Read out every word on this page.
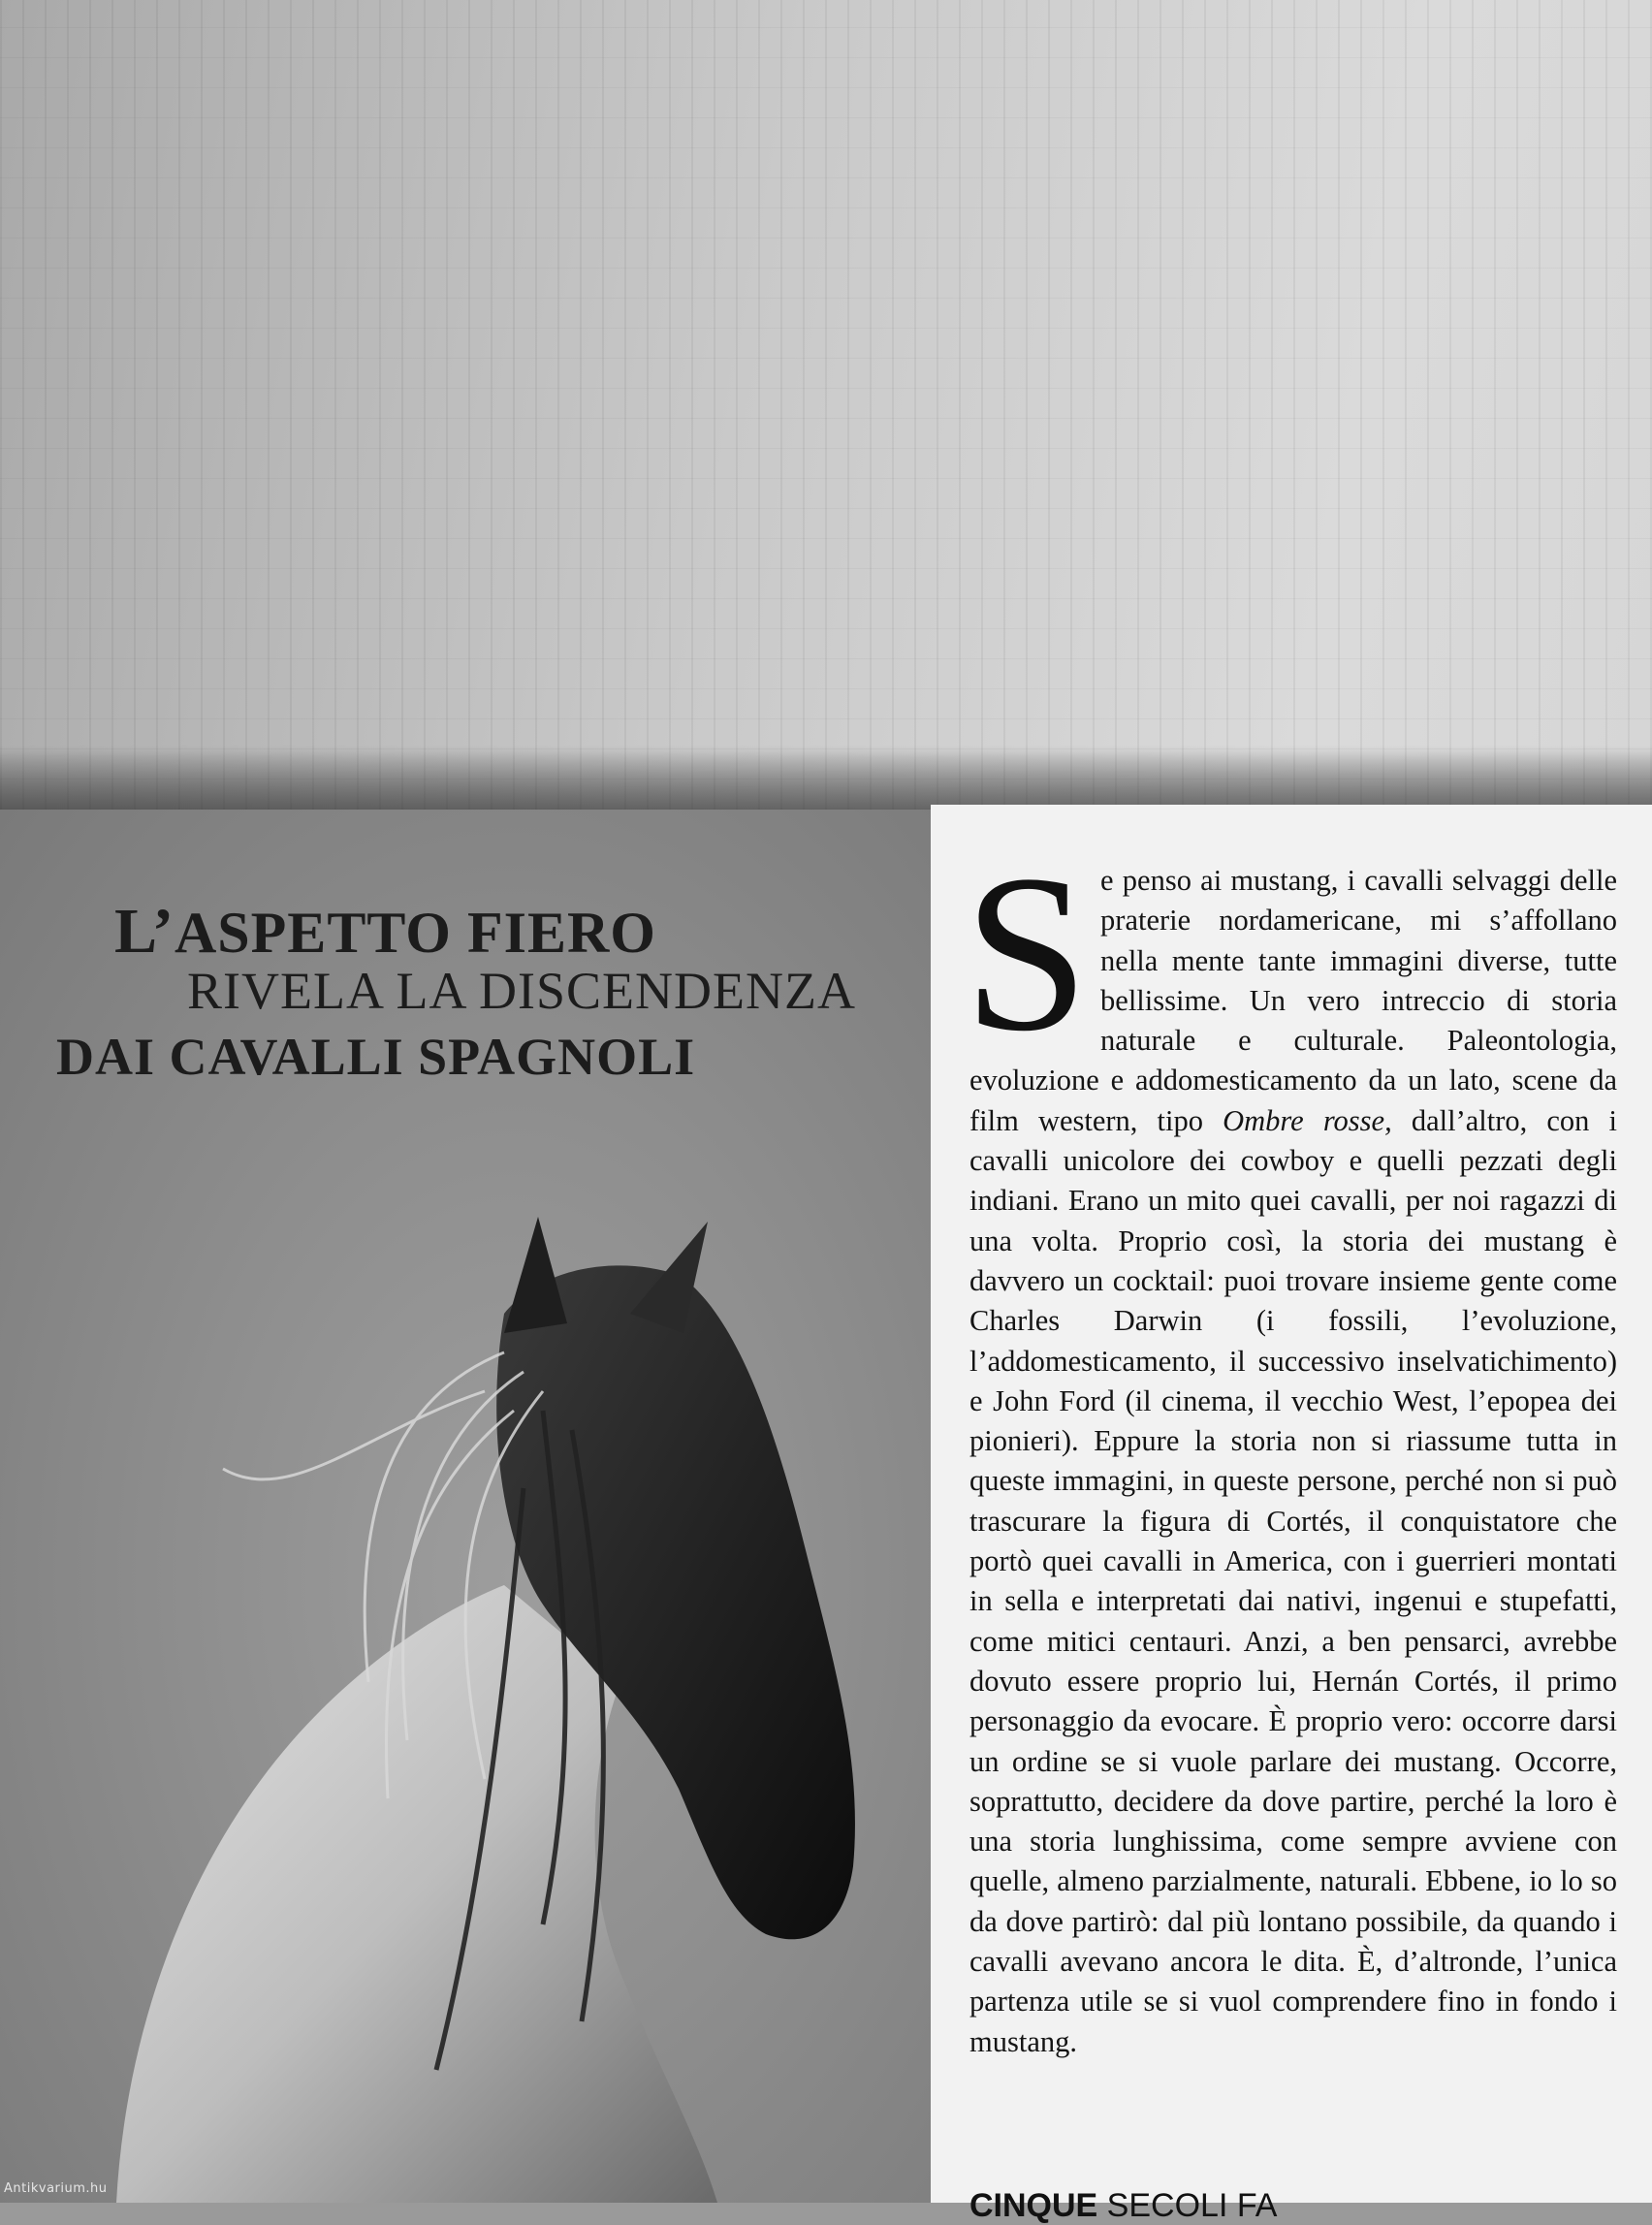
L’ASPETTO FIERO
RIVELA LA DISCENDENZA
DAI CAVALLI SPAGNOLI Se penso ai mustang, i cavalli selvaggi delle praterie nordamericane, mi s’affollano nella mente tante immagini diverse, tutte bellissime. Un vero intreccio di storia naturale e culturale. Paleontologia, evoluzione e addomesticamento da un lato, scene da film western, tipo Ombre rosse, dall’altro, con i cavalli unicolore dei cowboy e quelli pezzati degli indiani. Erano un mito quei cavalli, per noi ragazzi di una volta. Proprio così, la storia dei mustang è davvero un cocktail: puoi trovare insieme gente come Charles Darwin (i fossili, l’evoluzione, l’addomesticamento, il successivo inselvatichimento) e John Ford (il cinema, il vecchio West, l’epopea dei pionieri). Eppure la storia non si riassume tutta in queste immagini, in queste persone, perché non si può trascurare la figura di Cortés, il conquistatore che portò quei cavalli in America, con i guerrieri montati in sella e interpretati dai nativi, ingenui e stupefatti, come mitici centauri. Anzi, a ben pensarci, avrebbe dovuto essere proprio lui, Hernán Cortés, il primo personaggio da evocare. È proprio vero: occorre darsi un ordine se si vuole parlare dei mustang. Occorre, soprattutto, decidere da dove partire, perché la loro è una storia lunghissima, come sempre avviene con quelle, almeno parzialmente, naturali. Ebbene, io lo so da dove partirò: dal più lontano possibile, da quando i cavalli avevano ancora le dita. È, d’altronde, l’unica partenza utile se si vuol comprendere fino in fondo i mustang.
CINQUE SECOLI FA
Antikvarium.hu
